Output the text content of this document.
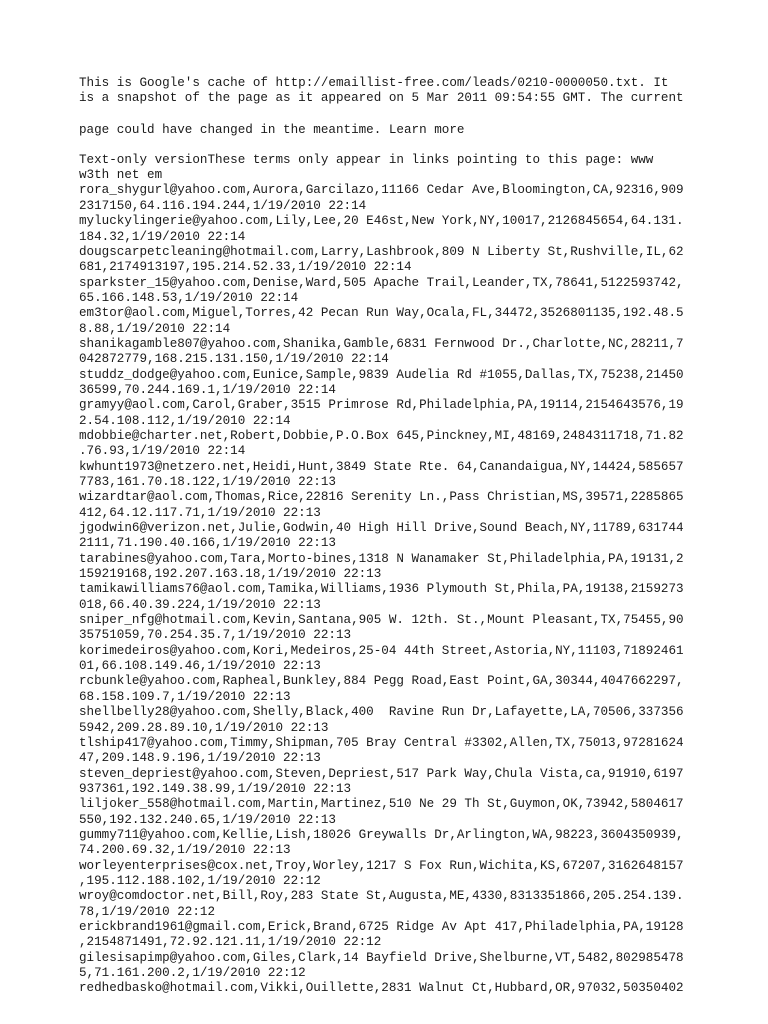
This is Google's cache of http://emaillist-free.com/leads/0210-0000050.txt. It
is a snapshot of the page as it appeared on 5 Mar 2011 09:54:55 GMT. The current
page could have changed in the meantime. Learn more
Text-only versionThese terms only appear in links pointing to this page: www
w3th net em
rora_shygurl@yahoo.com,Aurora,Garcilazo,11166 Cedar Ave,Bloomington,CA,92316,909
2317150,64.116.194.244,1/19/2010 22:14
myluckylingerie@yahoo.com,Lily,Lee,20 E46st,New York,NY,10017,2126845654,64.131.
184.32,1/19/2010 22:14
dougscarpetcleaning@hotmail.com,Larry,Lashbrook,809 N Liberty St,Rushville,IL,62
681,2174913197,195.214.52.33,1/19/2010 22:14
sparkster_15@yahoo.com,Denise,Ward,505 Apache Trail,Leander,TX,78641,5122593742,
65.166.148.53,1/19/2010 22:14
em3tor@aol.com,Miguel,Torres,42 Pecan Run Way,Ocala,FL,34472,3526801135,192.48.5
8.88,1/19/2010 22:14
shanikagamble807@yahoo.com,Shanika,Gamble,6831 Fernwood Dr.,Charlotte,NC,28211,7
042872779,168.215.131.150,1/19/2010 22:14
studdz_dodge@yahoo.com,Eunice,Sample,9839 Audelia Rd #1055,Dallas,TX,75238,21450
36599,70.244.169.1,1/19/2010 22:14
gramyy@aol.com,Carol,Graber,3515 Primrose Rd,Philadelphia,PA,19114,2154643576,19
2.54.108.112,1/19/2010 22:14
mdobbie@charter.net,Robert,Dobbie,P.O.Box 645,Pinckney,MI,48169,2484311718,71.82
.76.93,1/19/2010 22:14
kwhunt1973@netzero.net,Heidi,Hunt,3849 State Rte. 64,Canandaigua,NY,14424,585657
7783,161.70.18.122,1/19/2010 22:13
wizardtar@aol.com,Thomas,Rice,22816 Serenity Ln.,Pass Christian,MS,39571,2285865
412,64.12.117.71,1/19/2010 22:13
jgodwin6@verizon.net,Julie,Godwin,40 High Hill Drive,Sound Beach,NY,11789,631744
2111,71.190.40.166,1/19/2010 22:13
tarabines@yahoo.com,Tara,Morto-bines,1318 N Wanamaker St,Philadelphia,PA,19131,2
159219168,192.207.163.18,1/19/2010 22:13
tamikawilliams76@aol.com,Tamika,Williams,1936 Plymouth St,Phila,PA,19138,2159273
018,66.40.39.224,1/19/2010 22:13
sniper_nfg@hotmail.com,Kevin,Santana,905 W. 12th. St.,Mount Pleasant,TX,75455,90
35751059,70.254.35.7,1/19/2010 22:13
korimedeiros@yahoo.com,Kori,Medeiros,25-04 44th Street,Astoria,NY,11103,71892461
01,66.108.149.46,1/19/2010 22:13
rcbunkle@yahoo.com,Rapheal,Bunkley,884 Pegg Road,East Point,GA,30344,4047662297,
68.158.109.7,1/19/2010 22:13
shellbelly28@yahoo.com,Shelly,Black,400  Ravine Run Dr,Lafayette,LA,70506,337356
5942,209.28.89.10,1/19/2010 22:13
tlship417@yahoo.com,Timmy,Shipman,705 Bray Central #3302,Allen,TX,75013,97281624
47,209.148.9.196,1/19/2010 22:13
steven_depriest@yahoo.com,Steven,Depriest,517 Park Way,Chula Vista,ca,91910,6197
937361,192.149.38.99,1/19/2010 22:13
liljoker_558@hotmail.com,Martin,Martinez,510 Ne 29 Th St,Guymon,OK,73942,5804617
550,192.132.240.65,1/19/2010 22:13
gummy711@yahoo.com,Kellie,Lish,18026 Greywalls Dr,Arlington,WA,98223,3604350939,
74.200.69.32,1/19/2010 22:13
worleyenterprises@cox.net,Troy,Worley,1217 S Fox Run,Wichita,KS,67207,3162648157
,195.112.188.102,1/19/2010 22:12
wroy@comdoctor.net,Bill,Roy,283 State St,Augusta,ME,4330,8313351866,205.254.139.
78,1/19/2010 22:12
erickbrand1961@gmail.com,Erick,Brand,6725 Ridge Av Apt 417,Philadelphia,PA,19128
,2154871491,72.92.121.11,1/19/2010 22:12
gilesisapimp@yahoo.com,Giles,Clark,14 Bayfield Drive,Shelburne,VT,5482,802985478
5,71.161.200.2,1/19/2010 22:12
redhedbasko@hotmail.com,Vikki,Ouillette,2831 Walnut Ct,Hubbard,OR,97032,50350402
